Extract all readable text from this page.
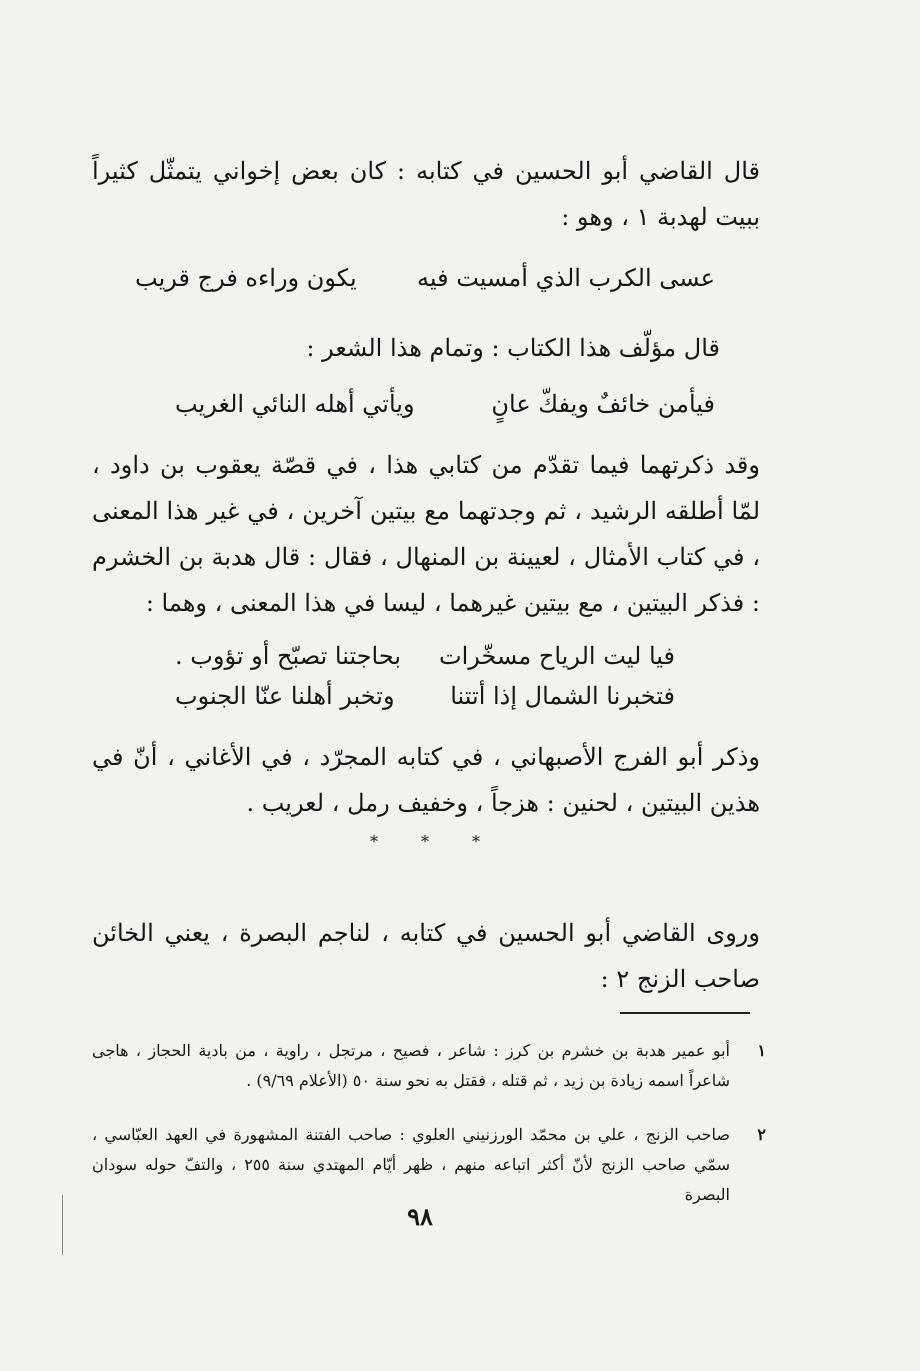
قال القاضي أبو الحسين في كتابه : كان بعض إخواني يتمثّل كثيراً ببيت لهدبة ١ ، وهو :

عسى الكرب الذي أمسيت فيه
يكون وراءه فرج قريب

قال مؤلّف هذا الكتاب : وتمام هذا الشعر :

فيأمن خائفٌ ويفكّ عانٍ
ويأتي أهله النائي الغريب

وقد ذكرتهما فيما تقدّم من كتابي هذا ، في قصّة يعقوب بن داود ، لمّا أطلقه الرشيد ، ثم وجدتهما مع بيتين آخرين ، في غير هذا المعنى ، في كتاب الأمثال ، لعيينة بن المنهال ، فقال : قال هدبة بن الخشرم : فذكر البيتين ، مع بيتين غيرهما ، ليسا في هذا المعنى ، وهما :

فيا ليت الرياح مسخّرات
بحاجتنا تصبّح أو تؤوب .
فتخبرنا الشمال إذا أتتنا
وتخبر أهلنا عنّا الجنوب

وذكر أبو الفرج الأصبهاني ، في كتابه المجرّد ، في الأغاني ، أنّ في هذين البيتين ، لحنين : هزجاً ، وخفيف رمل ، لعريب .

*	*	*

وروى القاضي أبو الحسين في كتابه ، لناجم البصرة ، يعني الخائن صاحب الزنج ٢ :

١

أبو عمير هدبة بن خشرم بن كرز : شاعر ، فصيح ، مرتجل ، راوية ، من بادية الحجاز ، هاجى شاعراً اسمه زيادة بن زيد ، ثم قتله ، فقتل به نحو سنة ٥٠ (الأعلام ٩/٦٩) .

٢

صاحب الزنج ، علي بن محمّد الورزنيني العلوي : صاحب الفتنة المشهورة في العهد العبّاسي ، سمّي صاحب الزنج لأنّ أكثر اتباعه منهم ، ظهر أيّام المهتدي سنة ٢٥٥ ، والتفّ حوله سودان البصرة

٩٨
